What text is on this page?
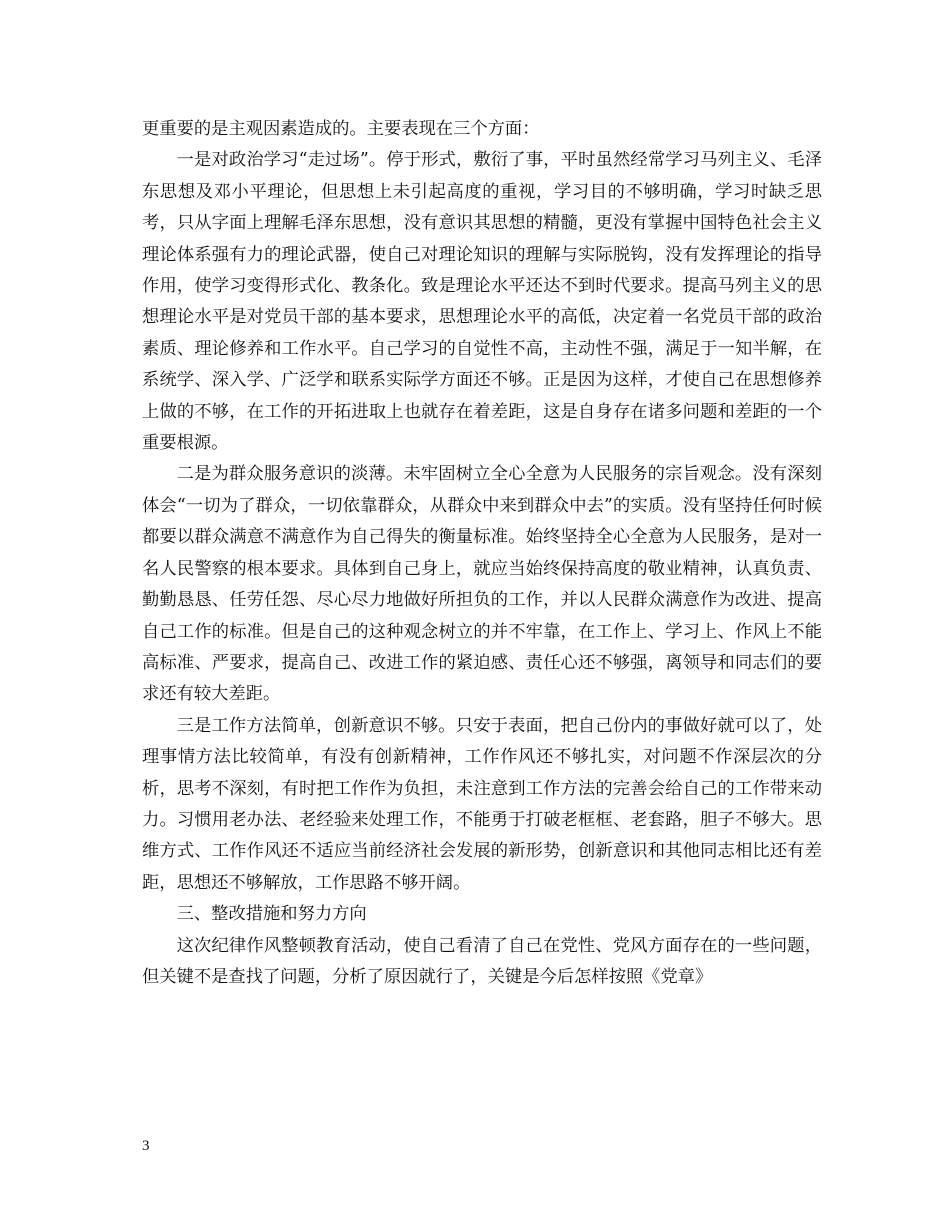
更重要的是主观因素造成的。主要表现在三个方面：

一是对政治学习“走过场”。停于形式，敷衍了事，平时虽然经常学习马列主义、毛泽东思想及邓小平理论，但思想上未引起高度的重视，学习目的不够明确，学习时缺乏思考，只从字面上理解毛泽东思想，没有意识其思想的精髓，更没有掌握中国特色社会主义理论体系强有力的理论武器，使自己对理论知识的理解与实际脱钩，没有发挥理论的指导作用，使学习变得形式化、教条化。致是理论水平还达不到时代要求。提高马列主义的思想理论水平是对党员干部的基本要求，思想理论水平的高低，决定着一名党员干部的政治素质、理论修养和工作水平。自己学习的自觉性不高，主动性不强，满足于一知半解，在系统学、深入学、广泛学和联系实际学方面还不够。正是因为这样，才使自己在思想修养上做的不够，在工作的开拓进取上也就存在着差距，这是自身存在诸多问题和差距的一个重要根源。

二是为群众服务意识的淡薄。未牢固树立全心全意为人民服务的宗旨观念。没有深刻体会“一切为了群众，一切依靠群众，从群众中来到群众中去”的实质。没有坚持任何时候都要以群众满意不满意作为自己得失的衡量标准。始终坚持全心全意为人民服务，是对一名人民警察的根本要求。具体到自己身上，就应当始终保持高度的敬业精神，认真负责、勤勤恳恳、任劳任怨、尽心尽力地做好所担负的工作，并以人民群众满意作为改进、提高自己工作的标准。但是自己的这种观念树立的并不牢靠，在工作上、学习上、作风上不能高标准、严要求，提高自己、改进工作的紧迫感、责任心还不够强，离领导和同志们的要求还有较大差距。

三是工作方法简单，创新意识不够。只安于表面，把自己份内的事做好就可以了，处理事情方法比较简单，有没有创新精神，工作作风还不够扎实，对问题不作深层次的分析，思考不深刻，有时把工作作为负担，未注意到工作方法的完善会给自己的工作带来动力。习惯用老办法、老经验来处理工作，不能勇于打破老框框、老套路，胆子不够大。思维方式、工作作风还不适应当前经济社会发展的新形势，创新意识和其他同志相比还有差距，思想还不够解放，工作思路不够开阔。

三、整改措施和努力方向

这次纪律作风整顿教育活动，使自己看清了自己在党性、党风方面存在的一些问题，但关键不是查找了问题，分析了原因就行了，关键是今后怎样按照《党章》

3
